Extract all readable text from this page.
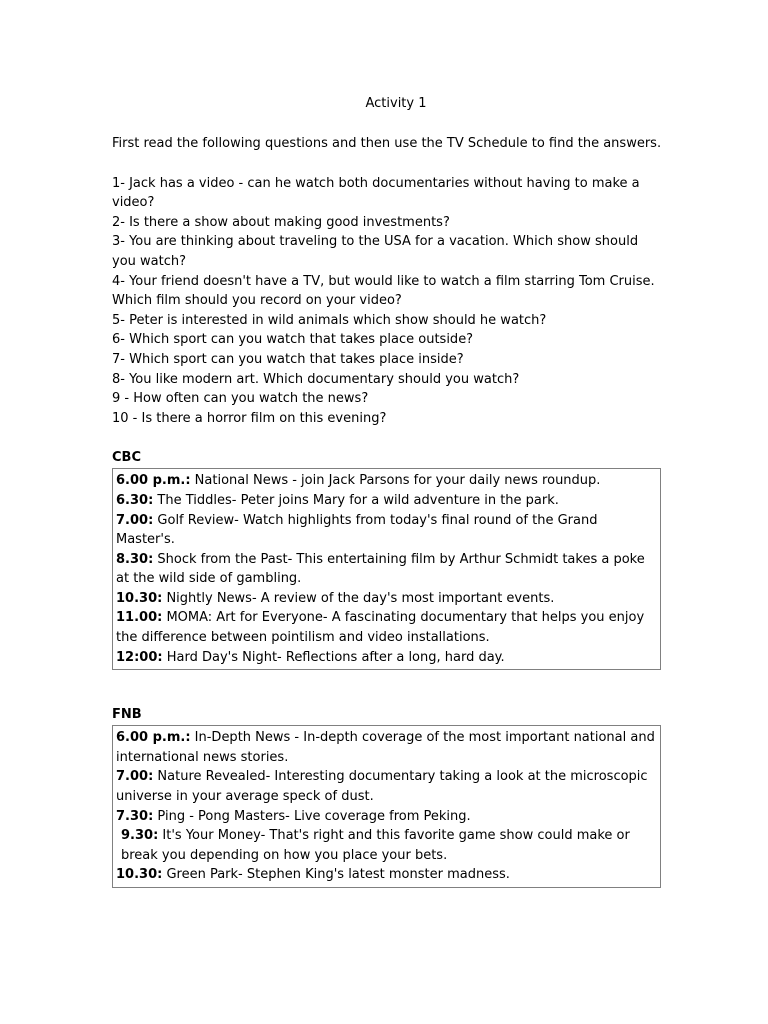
Activity 1
First read the following questions and then use the TV Schedule to find the answers.
1- Jack has a video - can he watch both documentaries without having to make a video?
2- Is there a show about making good investments?
3- You are thinking about traveling to the USA for a vacation. Which show should you watch?
4- Your friend doesn't have a TV, but would like to watch a film starring Tom Cruise. Which film should you record on your video?
5- Peter is interested in wild animals which show should he watch?
6- Which sport can you watch that takes place outside?
7- Which sport can you watch that takes place inside?
8- You like modern art. Which documentary should you watch?
9 - How often can you watch the news?
10 - Is there a horror film on this evening?
CBC
6.00 p.m.: National News - join Jack Parsons for your daily news roundup.
6.30: The Tiddles- Peter joins Mary for a wild adventure in the park.
7.00: Golf Review- Watch highlights from today's final round of the Grand Master's.
8.30: Shock from the Past- This entertaining film by Arthur Schmidt takes a poke at the wild side of gambling.
10.30: Nightly News- A review of the day's most important events.
11.00: MOMA: Art for Everyone- A fascinating documentary that helps you enjoy the difference between pointilism and video installations.
12:00: Hard Day's Night- Reflections after a long, hard day.
FNB
6.00 p.m.: In-Depth News - In-depth coverage of the most important national and international news stories.
7.00: Nature Revealed- Interesting documentary taking a look at the microscopic universe in your average speck of dust.
7.30: Ping - Pong Masters- Live coverage from Peking.
9.30: It's Your Money- That's right and this favorite game show could make or break you depending on how you place your bets.
10.30: Green Park- Stephen King's latest monster madness.
